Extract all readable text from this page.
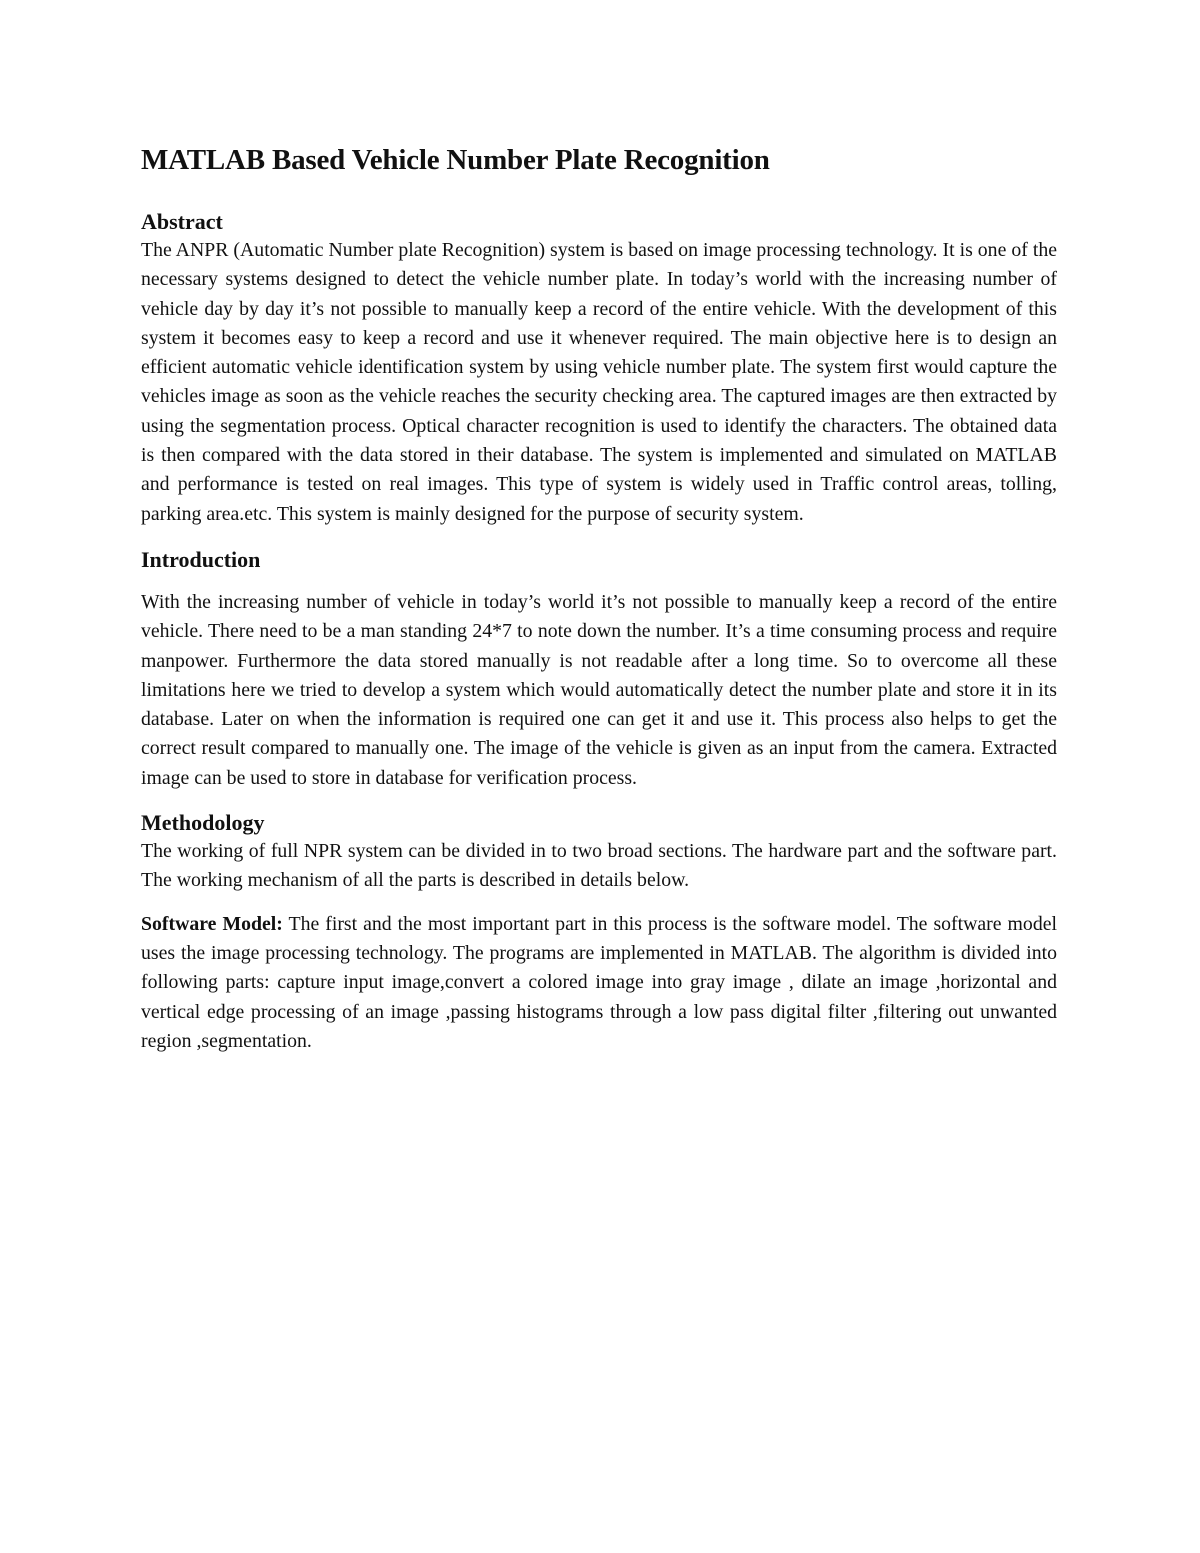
MATLAB Based Vehicle Number Plate Recognition
Abstract

The ANPR (Automatic Number plate Recognition) system is based on image processing technology. It is one of the necessary systems designed to detect the vehicle number plate. In today’s world with the increasing number of vehicle day by day it’s not possible to manually keep a record of the entire vehicle. With the development of this system it becomes easy to keep a record and use it whenever required. The main objective here is to design an efficient automatic vehicle identification system by using vehicle number plate. The system first would capture the vehicles image as soon as the vehicle reaches the security checking area. The captured images are then extracted by using the segmentation process. Optical character recognition is used to identify the characters. The obtained data is then compared with the data stored in their database. The system is implemented and simulated on MATLAB and performance is tested on real images. This type of system is widely used in Traffic control areas, tolling, parking area.etc. This system is mainly designed for the purpose of security system.

Introduction

With the increasing number of vehicle in today’s world it’s not possible to manually keep a record of the entire vehicle. There need to be a man standing 24*7 to note down the number. It’s a time consuming process and require manpower. Furthermore the data stored manually is not readable after a long time. So to overcome all these limitations here we tried to develop a system which would automatically detect the number plate and store it in its database. Later on when the information is required one can get it and use it. This process also helps to get the correct result compared to manually one. The image of the vehicle is given as an input from the camera. Extracted image can be used to store in database for verification process.

Methodology

The working of full NPR system can be divided in to two broad sections. The hardware part and the software part. The working mechanism of all the parts is described in details below.

Software Model: The first and the most important part in this process is the software model. The software model uses the image processing technology. The programs are implemented in MATLAB. The algorithm is divided into following parts: capture input image,convert a colored image into gray image , dilate an image ,horizontal and vertical edge processing of an image ,passing histograms through a low pass digital filter ,filtering out unwanted region ,segmentation.
